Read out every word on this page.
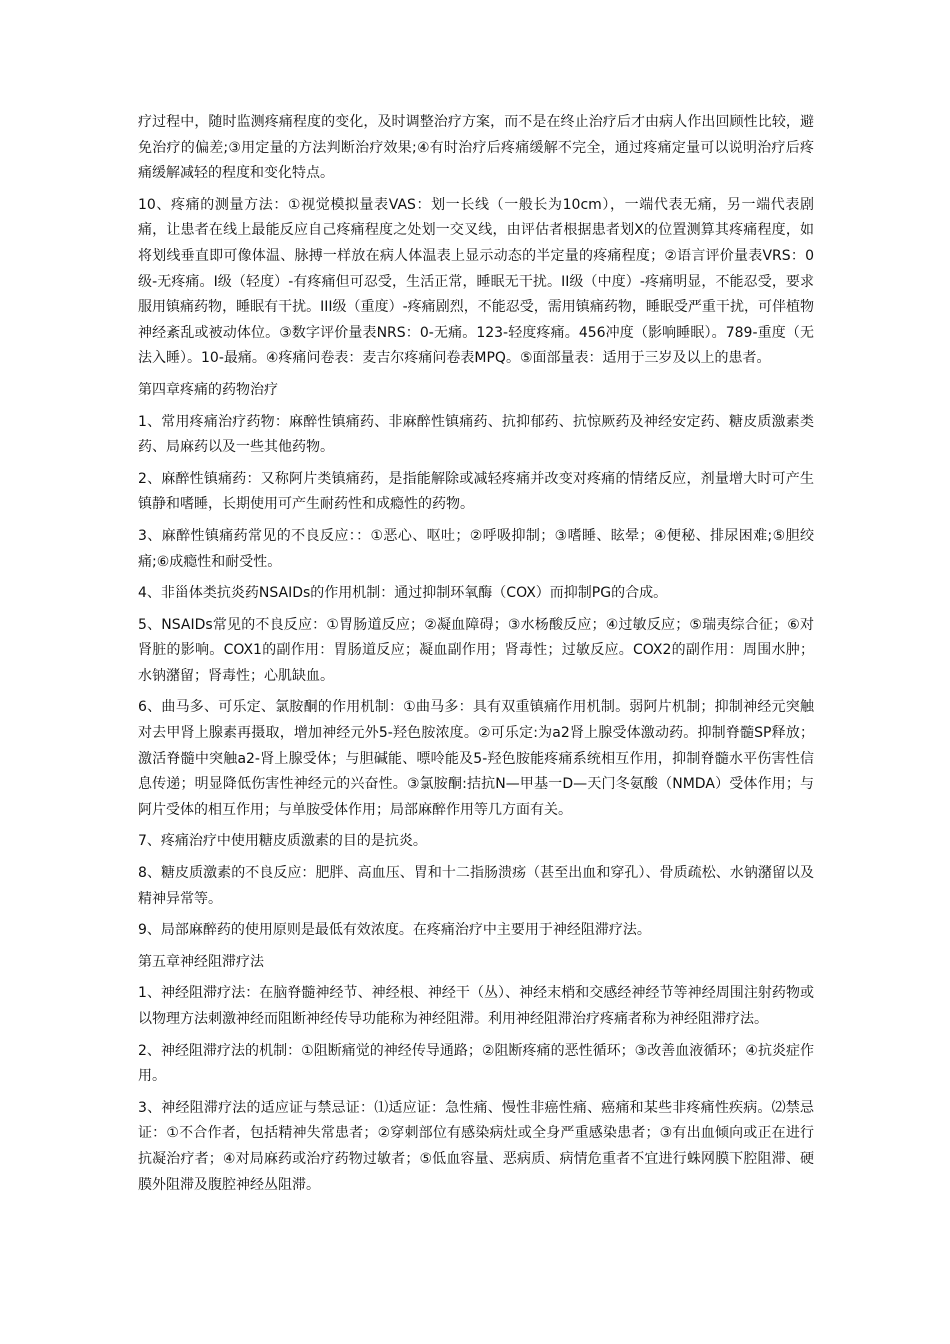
疗过程中，随时监测疼痛程度的变化，及时调整治疗方案，而不是在终止治疗后才由病人作出回顾性比较，避免治疗的偏差;③用定量的方法判断治疗效果;④有时治疗后疼痛缓解不完全，通过疼痛定量可以说明治疗后疼痛缓解减轻的程度和变化特点。

10、疼痛的测量方法：①视觉模拟量表VAS：划一长线（一般长为10cm），一端代表无痛，另一端代表剧痛，让患者在线上最能反应自己疼痛程度之处划一交叉线，由评估者根据患者划X的位置测算其疼痛程度，如将划线垂直即可像体温、脉搏一样放在病人体温表上显示动态的半定量的疼痛程度；②语言评价量表VRS：0级-无疼痛。Ⅰ级（轻度）-有疼痛但可忍受，生活正常，睡眠无干扰。II级（中度）-疼痛明显，不能忍受，要求服用镇痛药物，睡眠有干扰。III级（重度）-疼痛剧烈，不能忍受，需用镇痛药物，睡眠受严重干扰，可伴植物神经紊乱或被动体位。③数字评价量表NRS：0-无痛。123-轻度疼痛。456冲度（影响睡眠）。789-重度（无法入睡）。10-最痛。④疼痛问卷表：麦吉尔疼痛问卷表MPQ。⑤面部量表：适用于三岁及以上的患者。

第四章疼痛的药物治疗

1、常用疼痛治疗药物：麻醉性镇痛药、非麻醉性镇痛药、抗抑郁药、抗惊厥药及神经安定药、糖皮质激素类药、局麻药以及一些其他药物。

2、麻醉性镇痛药：又称阿片类镇痛药，是指能解除或减轻疼痛并改变对疼痛的情绪反应，剂量增大时可产生镇静和嗜睡，长期使用可产生耐药性和成瘾性的药物。

3、麻醉性镇痛药常见的不良反应：：①恶心、呕吐；②呼吸抑制；③嗜睡、眩晕；④便秘、排尿困难;⑤胆绞痛;⑥成瘾性和耐受性。

4、非甾体类抗炎药NSAIDs的作用机制：通过抑制环氧酶（COX）而抑制PG的合成。

5、NSAIDs常见的不良反应：①胃肠道反应；②凝血障碍；③水杨酸反应；④过敏反应；⑤瑞夷综合征；⑥对肾脏的影响。COX1的副作用：胃肠道反应；凝血副作用；肾毒性；过敏反应。COX2的副作用：周围水肿；水钠潴留；肾毒性；心肌缺血。

6、曲马多、可乐定、氯胺酮的作用机制：①曲马多：具有双重镇痛作用机制。弱阿片机制；抑制神经元突触对去甲肾上腺素再摄取，增加神经元外5-羟色胺浓度。②可乐定:为a2肾上腺受体激动药。抑制脊髓SP释放；激活脊髓中突触a2-肾上腺受体；与胆碱能、嘌呤能及5-羟色胺能疼痛系统相互作用，抑制脊髓水平伤害性信息传递；明显降低伤害性神经元的兴奋性。③氯胺酮:拮抗N—甲基一D—天门冬氨酸（NMDA）受体作用；与阿片受体的相互作用；与单胺受体作用；局部麻醉作用等几方面有关。

7、疼痛治疗中使用糖皮质激素的目的是抗炎。

8、糖皮质激素的不良反应：肥胖、高血压、胃和十二指肠溃疡（甚至出血和穿孔）、骨质疏松、水钠潴留以及精神异常等。

9、局部麻醉药的使用原则是最低有效浓度。在疼痛治疗中主要用于神经阻滞疗法。

第五章神经阻滞疗法

1、神经阻滞疗法：在脑脊髓神经节、神经根、神经干（丛）、神经末梢和交感经神经节等神经周围注射药物或以物理方法刺激神经而阻断神经传导功能称为神经阻滞。利用神经阻滞治疗疼痛者称为神经阻滞疗法。

2、神经阻滞疗法的机制：①阻断痛觉的神经传导通路；②阻断疼痛的恶性循环；③改善血液循环；④抗炎症作用。

3、神经阻滞疗法的适应证与禁忌证：⑴适应证：急性痛、慢性非癌性痛、癌痛和某些非疼痛性疾病。⑵禁忌证：①不合作者，包括精神失常患者；②穿刺部位有感染病灶或全身严重感染患者；③有出血倾向或正在进行抗凝治疗者；④对局麻药或治疗药物过敏者；⑤低血容量、恶病质、病情危重者不宜进行蛛网膜下腔阻滞、硬膜外阻滞及腹腔神经丛阻滞。
